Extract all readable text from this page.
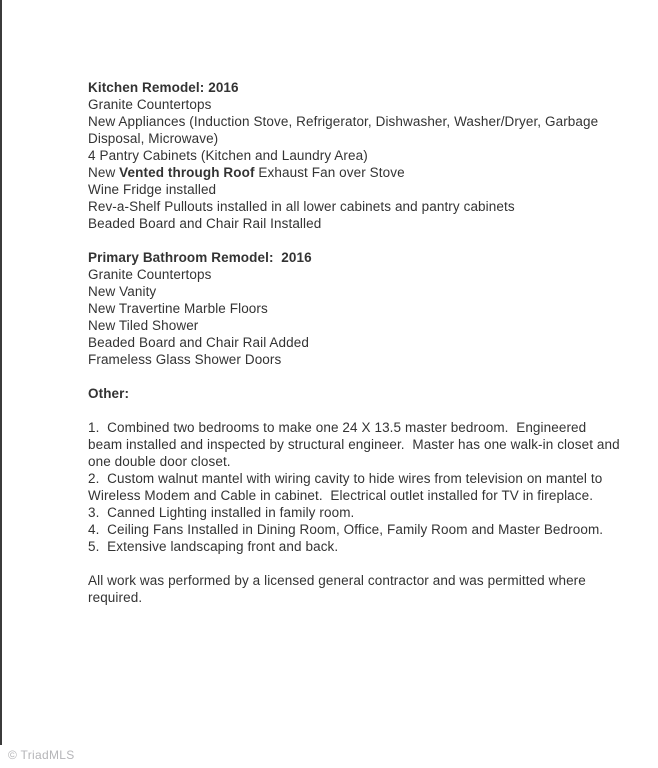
Kitchen Remodel: 2016
Granite Countertops
New Appliances (Induction Stove, Refrigerator, Dishwasher, Washer/Dryer, Garbage
Disposal, Microwave)
4 Pantry Cabinets (Kitchen and Laundry Area)
New Vented through Roof Exhaust Fan over Stove
Wine Fridge installed
Rev-a-Shelf Pullouts installed in all lower cabinets and pantry cabinets
Beaded Board and Chair Rail Installed

Primary Bathroom Remodel:  2016
Granite Countertops
New Vanity
New Travertine Marble Floors
New Tiled Shower
Beaded Board and Chair Rail Added
Frameless Glass Shower Doors

Other:

1.  Combined two bedrooms to make one 24 X 13.5 master bedroom.  Engineered
beam installed and inspected by structural engineer.  Master has one walk-in closet and
one double door closet.
2.  Custom walnut mantel with wiring cavity to hide wires from television on mantel to
Wireless Modem and Cable in cabinet.  Electrical outlet installed for TV in fireplace.
3.  Canned Lighting installed in family room.
4.  Ceiling Fans Installed in Dining Room, Office, Family Room and Master Bedroom.
5.  Extensive landscaping front and back.

All work was performed by a licensed general contractor and was permitted where
required.
© TriadMLS
